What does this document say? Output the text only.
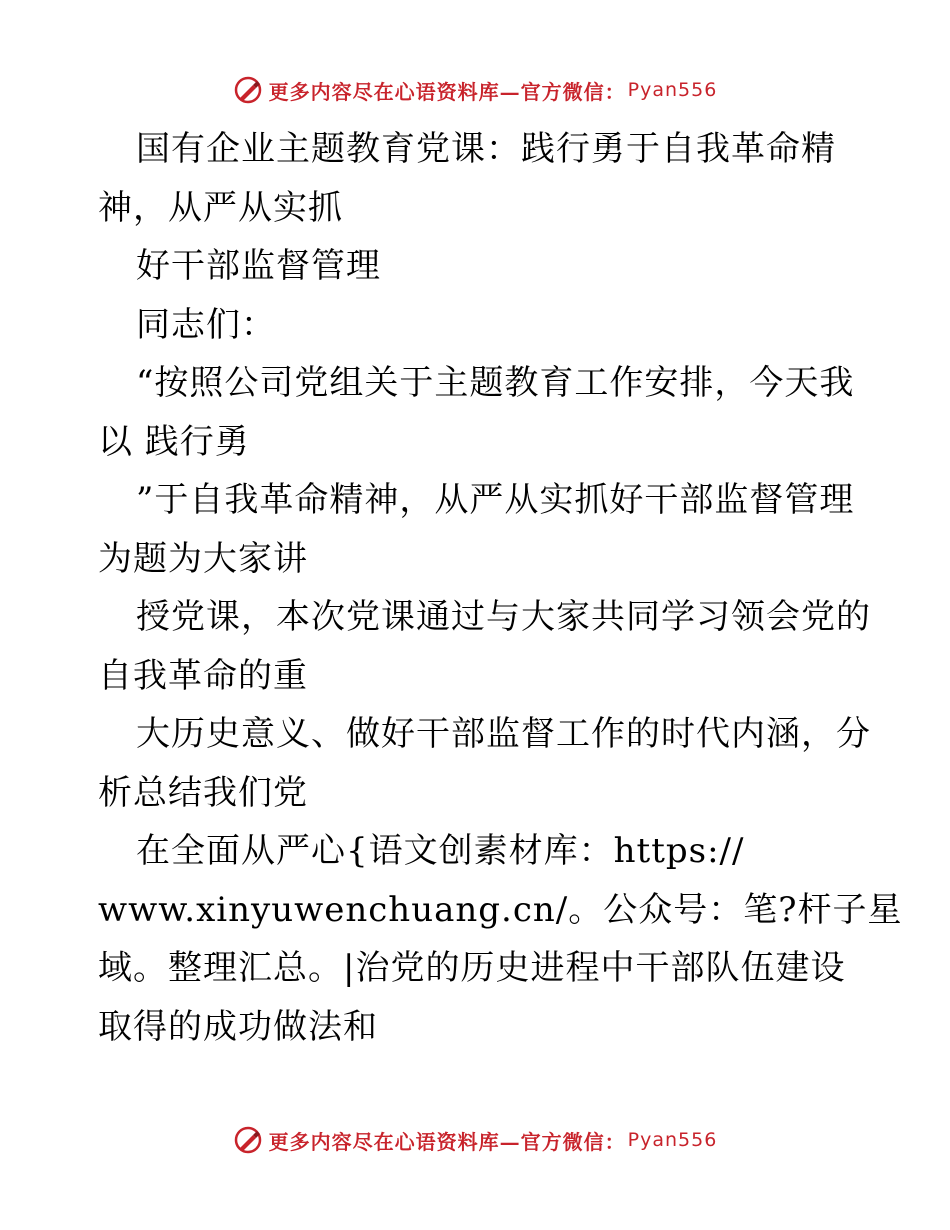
更多内容尽在心语资料库—官方微信： Pyan556
国有企业主题教育党课：践行勇于自我革命精
神，从严从实抓
好干部监督管理
同志们：
“按照公司党组关于主题教育工作安排，今天我
以 践行勇
”于自我革命精神，从严从实抓好干部监督管理
为题为大家讲
授党课，本次党课通过与大家共同学习领会党的
自我革命的重
大历史意义、做好干部监督工作的时代内涵，分
析总结我们党
在全面从严心{语文创素材库：https://
www.xinyuwenchuang.cn/。公众号：笔?杆子星
域。整理汇总。|治党的历史进程中干部队伍建设
取得的成功做法和
更多内容尽在心语资料库—官方微信： Pyan556
